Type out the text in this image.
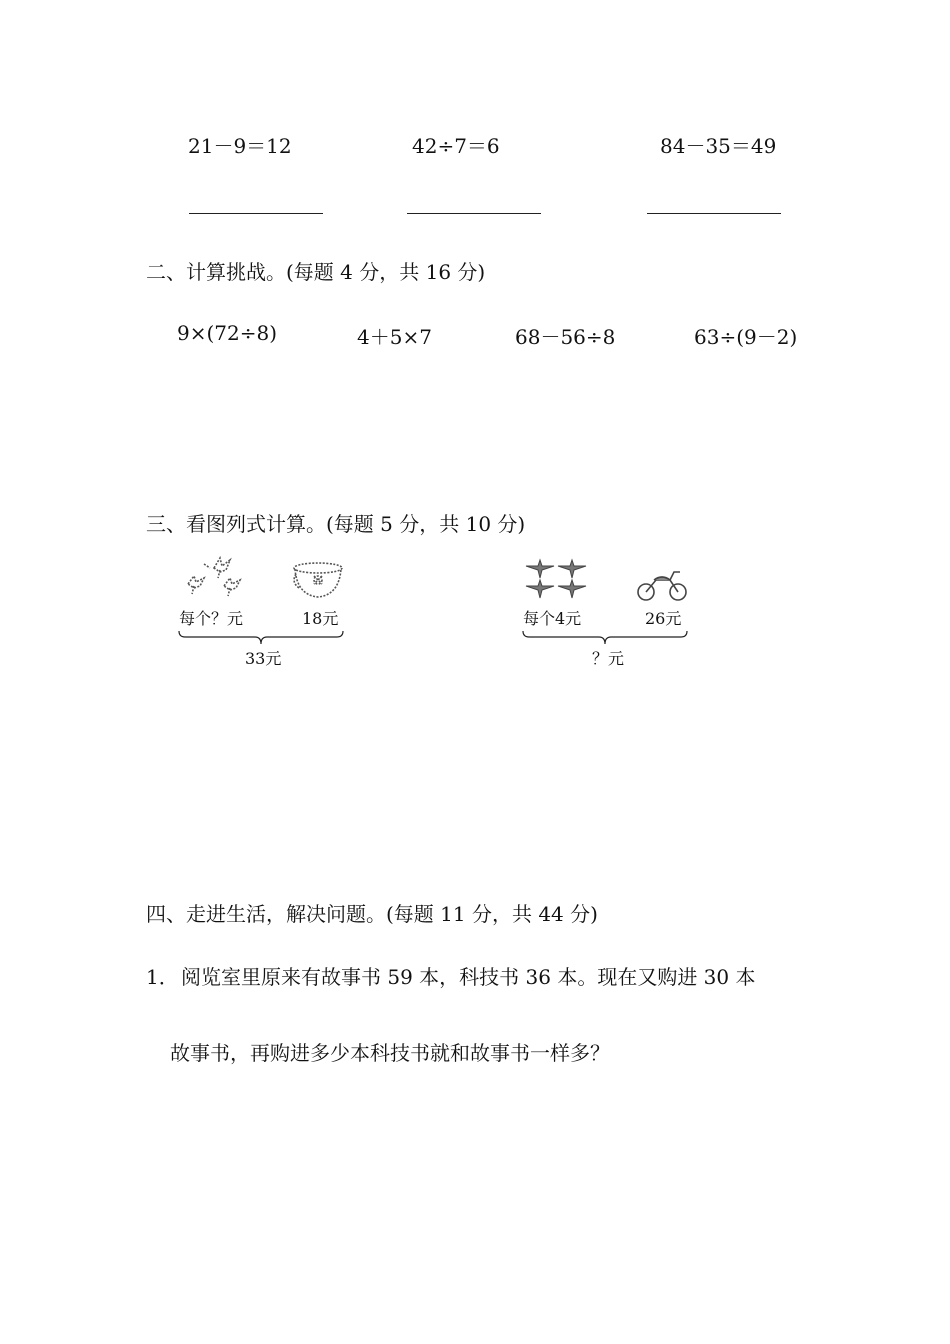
21－9＝12	42÷7＝6	84－35＝49
二、计算挑战。(每题 4 分，共 16 分)
9×(72÷8)	4＋5×7	68－56÷8	63÷(9－2)
三、看图列式计算。(每题 5 分，共 10 分)
每个？元	18元
33元
每个4元	26元
？元
四、走进生活，解决问题。(每题 11 分，共 44 分)
1． 阅览室里原来有故事书 59 本，科技书 36 本。现在又购进 30 本
故事书，再购进多少本科技书就和故事书一样多？
